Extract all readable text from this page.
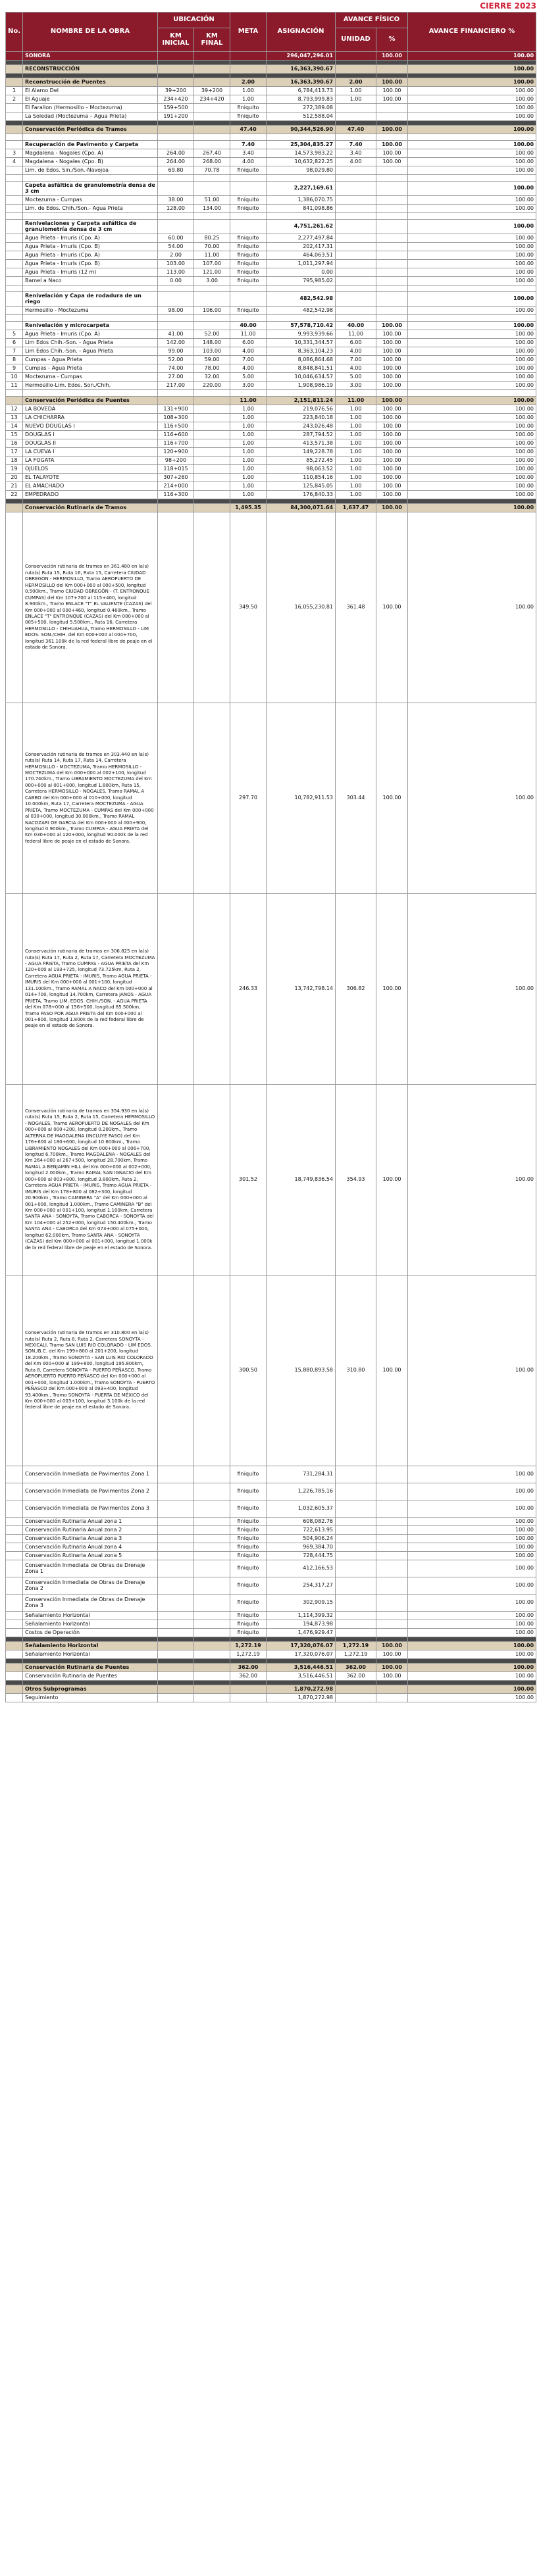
CIERRE 2023
No.	NOMBRE DE LA OBRA	UBICACIÓN		META	ASIGNACIÓN	AVANCE FÍSICO		AVANCE FINANCIERO %
		KM INICIAL	KM FINAL			UNIDAD	%	
	SONORA				296,047,296.01		100.00	100.00

	RECONSTRUCCIÓN				16,363,390.67			100.00

	Reconstrucción de Puentes			2.00	16,363,390.67	2.00	100.00	100.00
1	El Alamo Del	39+200	39+200	1.00	6,784,413.73	1.00	100.00	100.00
2	El Aguaje	234+420	234+420	1.00	8,793,999.83	1.00	100.00	100.00
	El Farallon (Hermosillo – Moctezuma)	159+500		finiquito	272,389.08			100.00
	La Soledad (Moctezuma – Agua Prieta)	191+200		finiquito	512,588.04			100.00

	Conservación Periódica de Tramos			47.40	90,344,526.90	47.40	100.00	100.00

	Recuperación de Pavimento y Carpeta			7.40	25,304,835.27	7.40	100.00	100.00
3	Magdalena - Nogales (Cpo. A)	264.00	267.40	3.40	14,573,983.22	3.40	100.00	100.00
4	Magdalena - Nogales (Cpo. B)	264.00	268.00	4.00	10,632,822.25	4.00	100.00	100.00
	Lim. de Edos. Sin./Son.-Navojoa	69.80	70.78	finiquito	98,029.80			100.00

	Capeta asfáltica de granulometría densa de 3 cm				2,227,169.61			100.00
	Moctezuma - Cumpas	38.00	51.00	finiquito	1,386,070.75			100.00
	Lim. de Edos. Chih./Son.- Agua Prieta	128.00	134.00	finiquito	841,098.86			100.00

	Renivelaciones y Carpeta asfáltica de granulometría densa de 3 cm				4,751,261.62			100.00
	Agua Prieta - Imuris (Cpo. A)	60.00	80.25	finiquito	2,277,497.84			100.00
	Agua Prieta - Imuris (Cpo. B)	54.00	70.00	finiquito	202,417.31			100.00
	Agua Prieta - Imuris (Cpo. A)	2.00	11.00	finiquito	464,063.51			100.00
	Agua Prieta - Imuris (Cpo. B)	103.00	107.00	finiquito	1,011,297.94			100.00
	Agua Prieta - Imuris (12 m)	113.00	121.00	finiquito	0.00			100.00
	Bamel a Naco	0.00	3.00	finiquito	795,985.02			100.00

	Renivelación y Capa de rodadura de un riego				482,542.98			100.00
	Hermosillo - Moctezuma	98.00	106.00	finiquito	482,542.98			100.00

	Renivelación y microcarpeta			40.00	57,578,710.42	40.00	100.00	100.00
5	Agua Prieta - Imuris (Cpo. A)	41.00	52.00	11.00	9,993,939.66	11.00	100.00	100.00
6	Lim Edos Chih.-Son. - Agua Prieta	142.00	148.00	6.00	10,331,344.57	6.00	100.00	100.00
7	Lim Edos Chih.-Son. - Agua Prieta	99.00	103.00	4.00	8,363,104.23	4.00	100.00	100.00
8	Cumpas - Agua Prieta	52.00	59.00	7.00	8,086,864.68	7.00	100.00	100.00
9	Cumpas - Agua Prieta	74.00	78.00	4.00	8,848,841.51	4.00	100.00	100.00
10	Moctezuma - Cumpas	27.00	32.00	5.00	10,046,634.57	5.00	100.00	100.00
11	Hermosillo-Lim. Edos. Son./Chih.	217.00	220.00	3.00	1,908,986.19	3.00	100.00	100.00

	Conservación Periódica de Puentes			11.00	2,151,811.24	11.00	100.00	100.00
12	LA BOVEDA	131+900		1.00	219,076.56	1.00	100.00	100.00
13	LA CHICHARRA	108+300		1.00	223,840.18	1.00	100.00	100.00
14	NUEVO DOUGLAS I	116+500		1.00	243,026.48	1.00	100.00	100.00
15	DOUGLAS I	116+600		1.00	287,794.52	1.00	100.00	100.00
16	DOUGLAS II	116+700		1.00	413,571.38	1.00	100.00	100.00
17	LA CUEVA I	120+900		1.00	149,228.78	1.00	100.00	100.00
18	LA FOGATA	98+200		1.00	85,272.45	1.00	100.00	100.00
19	OJUELOS	118+015		1.00	98,063.52	1.00	100.00	100.00
20	EL TALAYOTE	307+260		1.00	110,854.16	1.00	100.00	100.00
21	EL AMACHADO	214+000		1.00	125,845.05	1.00	100.00	100.00
22	EMPEDRADO	116+300		1.00	176,840.33	1.00	100.00	100.00

	Conservación Rutinaria de Tramos			1,495.35	84,300,071.64	1,637.47	100.00	100.00
	Conservación rutinaria de tramos en 361.480 en la(s) ruta(s) Ruta 15, Ruta 16, Ruta 15, Carretera CIUDAD OBREGÓN - HERMOSILLO, Tramo AEROPUERTO DE HERMOSILLO del Km 000+000 al 000+500, longitud 0.500km., Tramo CIUDAD OBREGÓN - (T. ENTRONQUE CUMPAS) del Km 107+700 al 115+400, longitud 8.900km., Tramo ENLACE "T" EL VALIENTE (CAZAS) del Km 000+000 al 000+460, longitud 0.460km., Tramo ENLACE "T" ENTRONQUE (CAZAS) del Km 000+000 al 005+500, longitud 5.500km., Ruta 16, Carretera HERMOSILLO - CHIHUAHUA, Tramo HERMOSILLO - LIM EDOS. SON./CHIH. del Km 000+000 al 004+700, longitud 361.100k de la red federal libre de peaje en el estado de Sonora.			349.50	16,055,230.81	361.48	100.00	100.00
	Conservación rutinaria de tramos en 303.440 en la(s) ruta(s) Ruta 14, Ruta 17, Ruta 14, Carretera HERMOSILLO - MOCTEZUMA, Tramo HERMOSILLO - MOCTEZUMA del Km 000+000 al 002+100, longitud 170.740km., Tramo LIBRAMIENTO MOCTEZUMA del Km 000+000 al 001+800, longitud 1.800km, Ruta 15, Carretera HERMOSILLO - NOGALES, Tramo RAMAL A CABBO del Km 000+000 al 010+000, longitud 10.000km, Ruta 17, Carretera MOCTEZUMA - AGUA PRIETA, Tramo MOCTEZUMA - CUMPAS del Km 000+000 al 030+000, longitud 30.000km., Tramo RAMAL NACOZARI DE GARCIA del Km 000+000 al 000+900, longitud 0.900km., Tramo CUMPAS - AGUA PRIETA del Km 030+000 al 120+000, longitud 90.000k de la red federal libre de peaje en el estado de Sonora.			297.70	10,782,911.53	303.44	100.00	100.00
	Conservación rutinaria de tramos en 306.825 en la(s) ruta(s) Ruta 17, Ruta 2, Ruta 17, Carretera MOCTEZUMA - AGUA PRIETA, Tramo CUMPAS - AGUA PRIETA del Km 120+000 al 193+725, longitud 73.725km, Ruta 2, Carretera AGUA PRIETA - IMURIS, Tramo AGUA PRIETA - IMURIS del Km 000+000 al 001+100, longitud 131.100km., Tramo RAMAL A NACO del Km 000+000 al 014+700, longitud 14.700km, Carretera JANOS - AGUA PRIETA, Tramo LIM. EDOS. CHIH./SON. - AGUA PRIETA del Km 078+000 al 156+500, longitud 85.500km, Tramo PASO POR AGUA PRIETA del Km 000+000 al 001+800, longitud 1.800k de la red federal libre de peaje en el estado de Sonora.			246.33	13,742,798.14	306.82	100.00	100.00
	Conservación rutinaria de tramos en 354.930 en la(s) ruta(s) Ruta 15, Ruta 2, Ruta 15, Carretera HERMOSILLO - NOGALES, Tramo AEROPUERTO DE NOGALES del Km 000+000 al 000+200, longitud 0.200km., Tramo ALTERNA DE MAGDALENA (INCLUYE PASO) del Km 176+600 al 180+600, longitud 10.600km., Tramo LIBRAMIENTO NOGALES del Km 000+000 al 006+700, longitud 6.700km., Tramo MAGDALENA - NOGALES del Km 264+000 al 267+500, longitud 28.700km, Tramo RAMAL A BENJAMIN HILL del Km 000+000 al 002+000, longitud 2.000km., Tramo RAMAL SAN IGNACIO del Km 000+000 al 003+800, longitud 3.800km, Ruta 2, Carretera AGUA PRIETA - IMURIS, Tramo AGUA PRIETA - IMURIS del Km 178+800 al 082+300, longitud 20.900km., Tramo CAMINERA "A" del Km 000+000 al 001+000, longitud 1.000km., Tramo CAMINERA "B" del Km 000+000 al 001+100, longitud 1.100km, Carretera SANTA ANA - SONOYTA, Tramo CABORCA - SONOYTA del Km 104+000 al 252+000, longitud 150.400km., Tramo SANTA ANA - CABORCA del Km 073+000 al 075+000, longitud 62.000km, Tramo SANTA ANA - SONOYTA (CAZAS) del Km 000+000 al 001+000, longitud 1.000k de la red federal libre de peaje en el estado de Sonora.			301.52	18,749,836.54	354.93	100.00	100.00
	Conservación rutinaria de tramos en 310.800 en la(s) ruta(s) Ruta 2, Ruta 8, Ruta 2, Carretera SONOYTA - MEXICALI, Tramo SAN LUIS RIO COLORADO - LIM EDOS. SON./B.C. del Km 199+800 al 201+200, longitud 18.200km., Tramo SONOYTA - SAN LUIS RIO COLORADO del Km 000+000 al 199+800, longitud 195.800km, Ruta 8, Carretera SONOYTA - PUERTO PEÑASCO, Tramo AEROPUERTO PUERTO PEÑASCO del Km 000+000 al 001+000, longitud 1.000km., Tramo SONOYTA - PUERTO PEÑASCO del Km 000+000 al 093+400, longitud 93.400km., Tramo SONOYTA - PUERTA DE MÉXICO del Km 000+000 al 003+100, longitud 3.100k de la red federal libre de peaje en el estado de Sonora.			300.50	15,880,893.58	310.80	100.00	100.00
	Conservación Inmediata de Pavimentos Zona 1			finiquito	731,284.31			100.00
	Conservación Inmediata de Pavimentos Zona 2			finiquito	1,226,785.16			100.00
	Conservación Inmediata de Pavimentos Zona 3			finiquito	1,032,605.37			100.00
	Conservación Rutinaria Anual zona 1			finiquito	608,082.76			100.00
	Conservación Rutinaria Anual zona 2			finiquito	722,613.95			100.00
	Conservación Rutinaria Anual zona 3			finiquito	504,906.24			100.00
	Conservación Rutinaria Anual zona 4			finiquito	969,384.70			100.00
	Conservación Rutinaria Anual zona 5			finiquito	728,444.75			100.00
	Conservación Inmediata de Obras de Drenaje Zona 1			finiquito	412,166.53			100.00
	Conservación Inmediata de Obras de Drenaje Zona 2			finiquito	254,317.27			100.00
	Conservación Inmediata de Obras de Drenaje Zona 3			finiquito	302,909.15			100.00
	Señalamiento Horizontal			finiquito	1,114,399.32			100.00
	Señalamiento Horizontal			finiquito	194,873.98			100.00
	Costos de Operación			finiquito	1,476,929.47			100.00

	Señalamiento Horizontal			1,272.19	17,320,076.07	1,272.19	100.00	100.00
	Señalamiento Horizontal			1,272.19	17,320,076.07	1,272.19	100.00	100.00

	Conservación Rutinaria de Puentes			362.00	3,516,446.51	362.00	100.00	100.00
	Conservación Rutinaria de Puentes			362.00	3,516,446.51	362.00	100.00	100.00

	Otros Subprogramas				1,870,272.98			100.00
	Seguimiento				1,870,272.98			100.00
